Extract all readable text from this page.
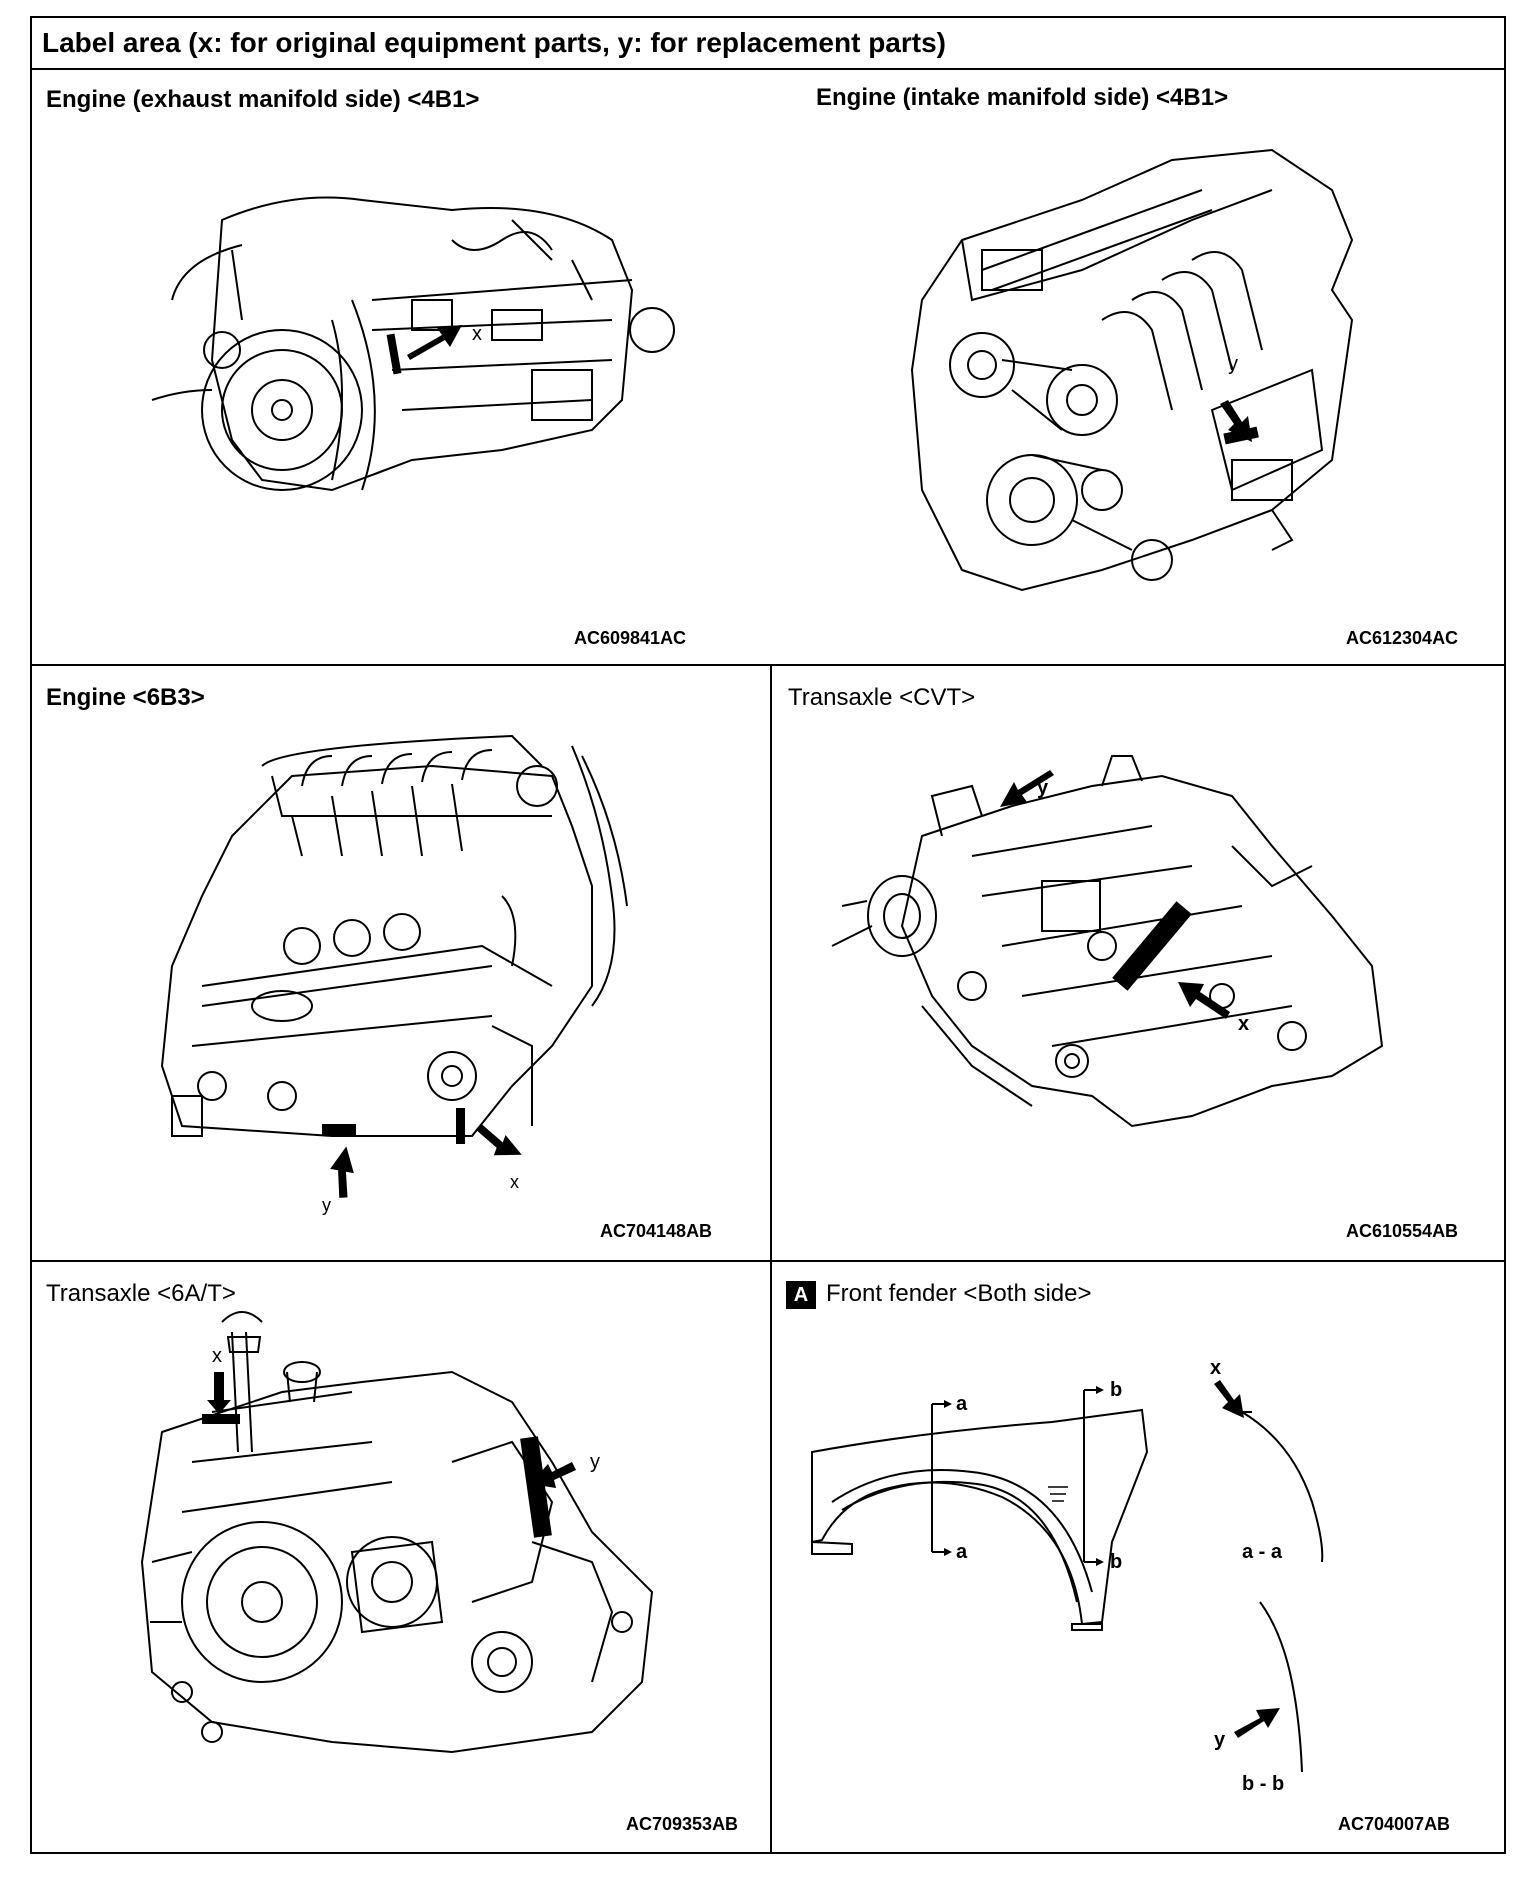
Label area (x: for original equipment parts, y: for replacement parts)
Engine (exhaust manifold side) <4B1>
x
AC609841AC
Engine (intake manifold side) <4B1>
y
AC612304AC
Engine <6B3>
x
y
AC704148AB
Transaxle <CVT>
y
x
AC610554AB
Transaxle <6A/T>
x
y
AC709353AB
A Front fender <Both side>
a
a
b
b
x
y
a - a
b - b
AC704007AB
